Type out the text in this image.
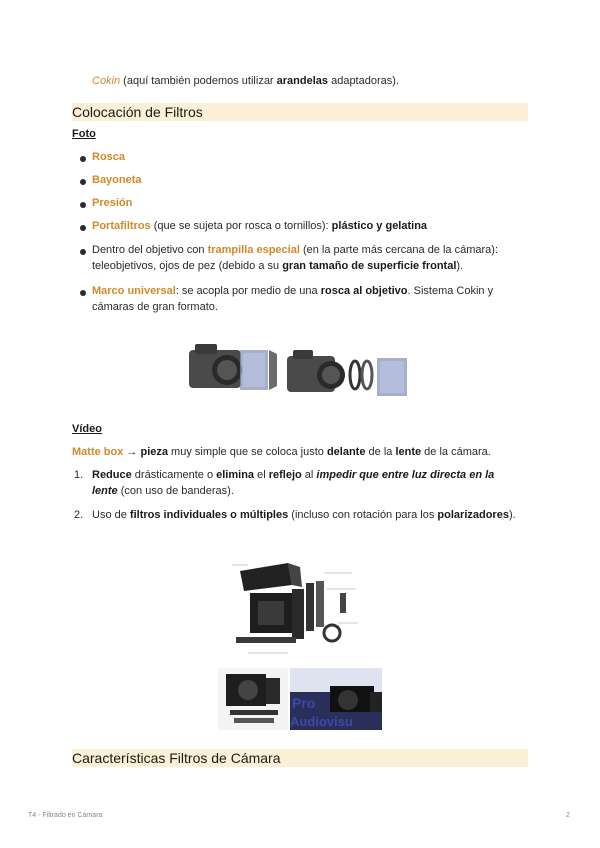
Cokin (aquí también podemos utilizar arandelas adaptadoras).
Colocación de Filtros
Foto
Rosca
Bayoneta
Presión
Portafiltros (que se sujeta por rosca o tornillos): plástico y gelatina
Dentro del objetivo con trampilla especial (en la parte más cercana de la cámara): teleobjetivos, ojos de pez (debido a su gran tamaño de superficie frontal).
Marco universal: se acopla por medio de una rosca al objetivo. Sistema Cokin y cámaras de gran formato.
Vídeo
Matte box → pieza muy simple que se coloca justo delante de la lente de la cámara.
1. Reduce drásticamente o elimina el reflejo al impedir que entre luz directa en la lente (con uso de banderas).
2. Uso de filtros individuales o múltiples (incluso con rotación para los polarizadores).
Pro
Audiovisu
Características Filtros de Cámara
T4 - Filtrado en Cámara	2
